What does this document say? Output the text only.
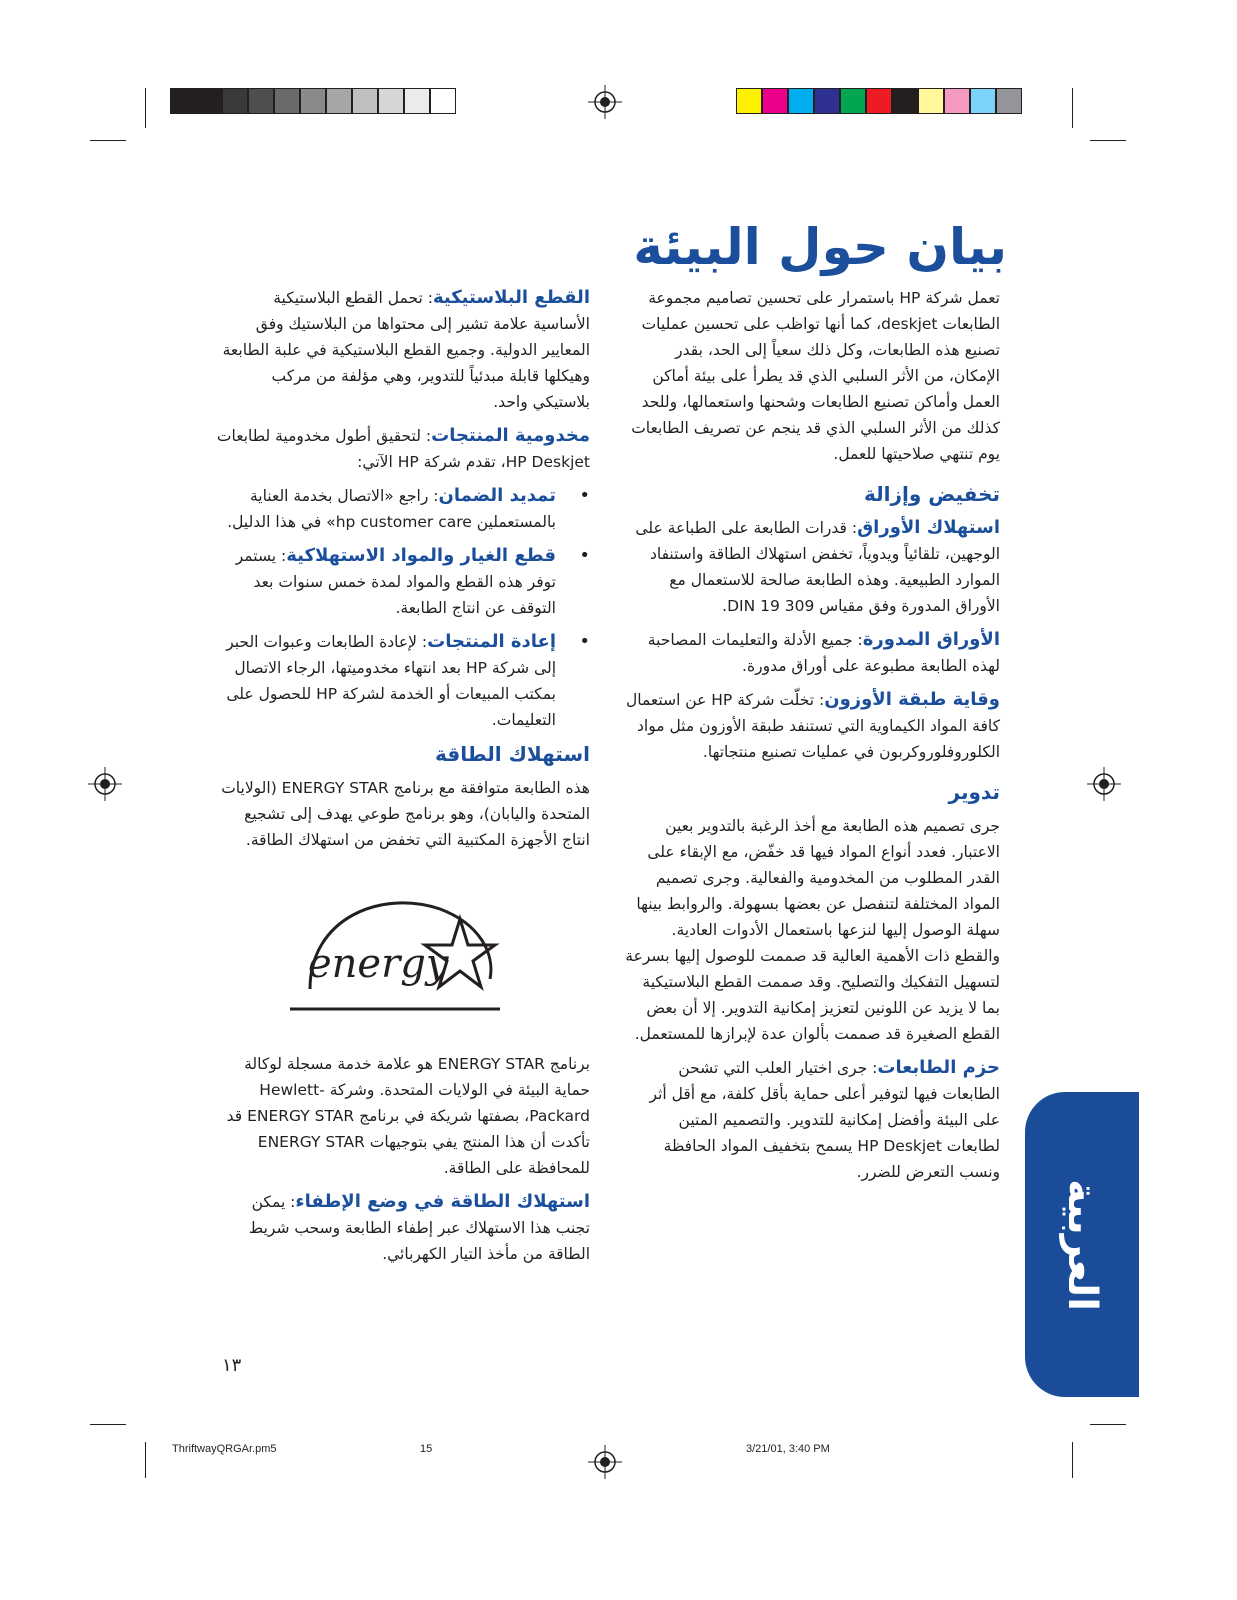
بيان حول البيئة

تعمل شركة HP باستمرار على تحسين تصاميم مجموعة الطابعات deskjet، كما أنها تواظب على تحسين عمليات تصنيع هذه الطابعات، وكل ذلك سعياً إلى الحد، بقدر الإمكان، من الأثر السلبي الذي قد يطرأ على بيئة أماكن العمل وأماكن تصنيع الطابعات وشحنها واستعمالها، وللحد كذلك من الأثر السلبي الذي قد ينجم عن تصريف الطابعات يوم تنتهي صلاحيتها للعمل.

تخفيض وإزالة

استهلاك الأوراق: قدرات الطابعة على الطباعة على الوجهين، تلقائياً ويدوياً، تخفض استهلاك الطاقة واستنفاد الموارد الطبيعية. وهذه الطابعة صالحة للاستعمال مع الأوراق المدورة وفق مقياس DIN 19 309.

الأوراق المدورة: جميع الأدلة والتعليمات المصاحبة لهذه الطابعة مطبوعة على أوراق مدورة.

وقاية طبقة الأوزون: تخلّت شركة HP عن استعمال كافة المواد الكيماوية التي تستنفد طبقة الأوزون مثل مواد الكلوروفلوروكربون في عمليات تصنيع منتجاتها.

تدوير

جرى تصميم هذه الطابعة مع أخذ الرغبة بالتدوير بعين الاعتبار. فعدد أنواع المواد فيها قد خفّض، مع الإبقاء على القدر المطلوب من المخدومية والفعالية. وجرى تصميم المواد المختلفة لتنفصل عن بعضها بسهولة. والروابط بينها سهلة الوصول إليها لنزعها باستعمال الأدوات العادية. والقطع ذات الأهمية العالية قد صممت للوصول إليها بسرعة لتسهيل التفكيك والتصليح. وقد صممت القطع البلاستيكية بما لا يزيد عن اللونين لتعزيز إمكانية التدوير. إلا أن بعض القطع الصغيرة قد صممت بألوان عدة لإبرازها للمستعمل.

حزم الطابعات: جرى اختيار العلب التي تشحن الطابعات فيها لتوفير أعلى حماية بأقل كلفة، مع أقل أثر على البيئة وأفضل إمكانية للتدوير. والتصميم المتين لطابعات HP Deskjet يسمح بتخفيف المواد الحافظة ونسب التعرض للضرر.

القطع البلاستيكية: تحمل القطع البلاستيكية الأساسية علامة تشير إلى محتواها من البلاستيك وفق المعايير الدولية. وجميع القطع البلاستيكية في علبة الطابعة وهيكلها قابلة مبدئياً للتدوير، وهي مؤلفة من مركب بلاستيكي واحد.

مخدومية المنتجات: لتحقيق أطول مخدومية لطابعات HP Deskjet، تقدم شركة HP الآتي:

•
تمديد الضمان: راجع «الاتصال بخدمة العناية بالمستعملين hp customer care» في هذا الدليل.
•
قطع الغيار والمواد الاستهلاكية: يستمر توفر هذه القطع والمواد لمدة خمس سنوات بعد التوقف عن انتاج الطابعة.
•
إعادة المنتجات: لإعادة الطابعات وعبوات الحبر إلى شركة HP بعد انتهاء مخدوميتها، الرجاء الاتصال بمكتب المبيعات أو الخدمة لشركة HP للحصول على التعليمات.
استهلاك الطاقة

هذه الطابعة متوافقة مع برنامج ENERGY STAR (الولايات المتحدة واليابان)، وهو برنامج طوعي يهدف إلى تشجيع انتاج الأجهزة المكتبية التي تخفض من استهلاك الطاقة.

energy

برنامج ENERGY STAR هو علامة خدمة مسجلة لوكالة حماية البيئة في الولايات المتحدة. وشركة Hewlett-Packard، بصفتها شريكة في برنامج ENERGY STAR قد تأكدت أن هذا المنتج يفي بتوجيهات ENERGY STAR للمحافظة على الطاقة.

استهلاك الطاقة في وضع الإطفاء: يمكن تجنب هذا الاستهلاك عبر إطفاء الطابعة وسحب شريط الطاقة من مأخذ التيار الكهربائي.

١٣
العربية
ThriftwayQRGAr.pm5	15	3/21/01, 3:40 PM
